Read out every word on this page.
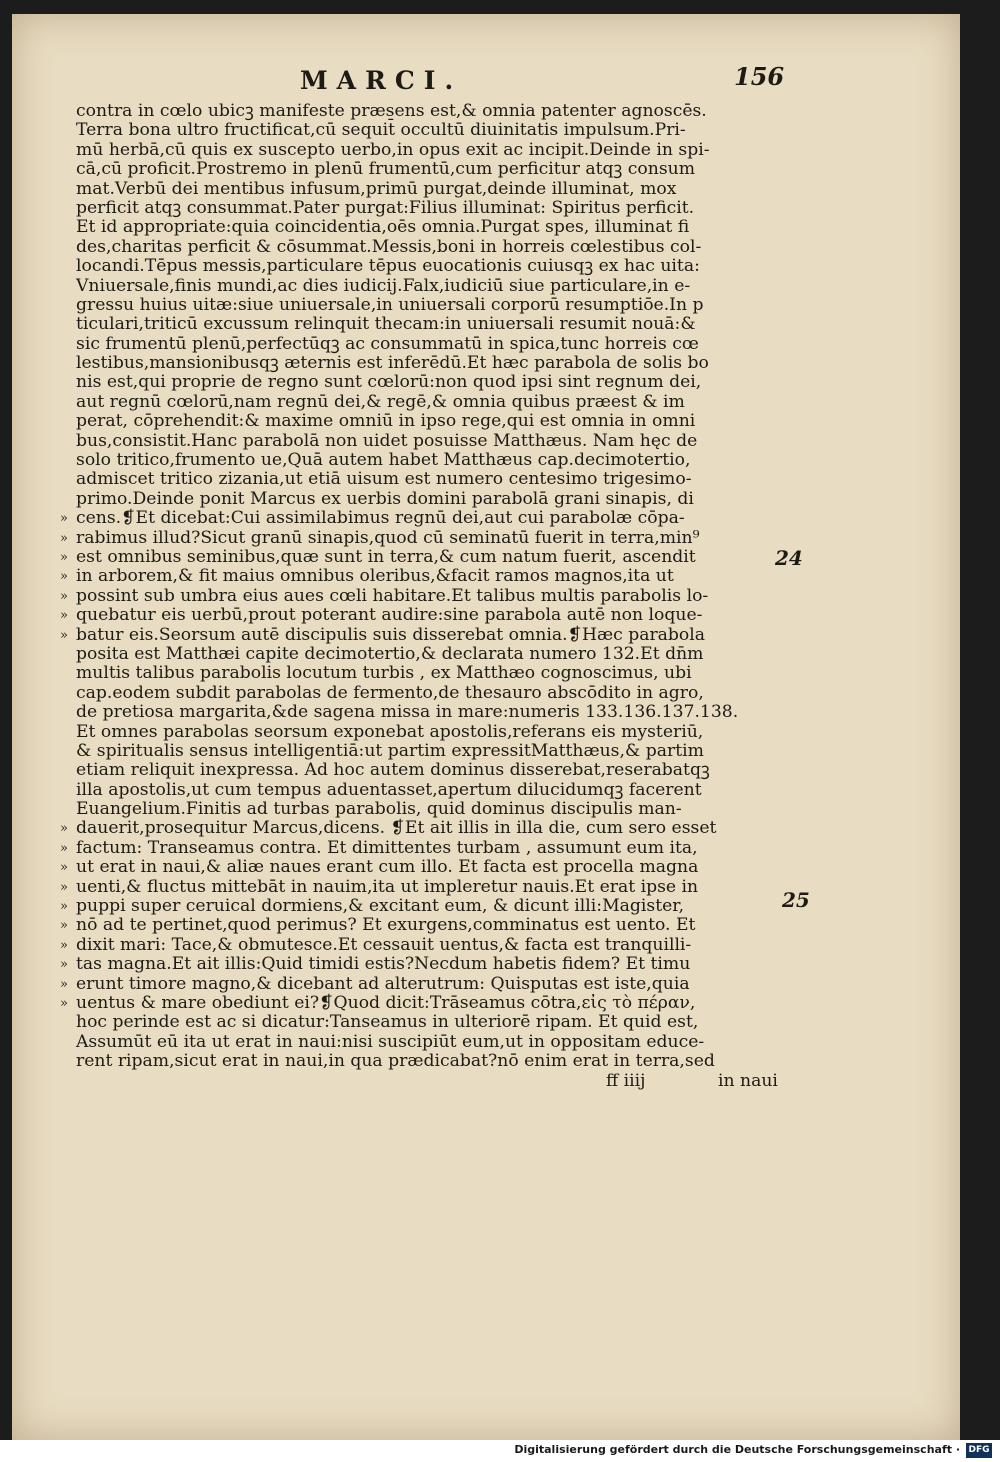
MARCI.	156
contra in cœlo ubicꝫ manifeste præsens est,& omnia patenter agnoscēs.
Terra bona ultro fructificat,cū sequit̄ occultū diuinitatis impulsum.Pri-
mū herbā,cū quis ex suscepto uerbo,in opus exit ac incipit.Deinde in spi-
cā,cū proficit.Prostremo in plenū frumentū,cum perficitur atqꝫ consum
mat.Verbū dei mentibus infusum,primū purgat,deinde illuminat, mox
perficit atqꝫ consummat.Pater purgat:Filius illuminat: Spiritus perficit.
Et id appropriate:quia coincidentia,oēs omnia.Purgat spes, illuminat fi
des,charitas perficit & cōsummat.Messis,boni in horreis cœlestibus col-
locandi.Tēpus messis,particulare tēpus euocationis cuiusqꝫ ex hac uita:
Vniuersale,finis mundi,ac dies iudicij.Falx,iudiciū siue particulare,in e-
gressu huius uitæ:siue uniuersale,in uniuersali corporū resumptiōe.In p
ticulari,triticū excussum relinquit thecam:in uniuersali resumit nouā:&
sic frumentū plenū,perfectūqꝫ ac consummatū in spica,tunc horreis cœ
lestibus,mansionibusqꝫ æternis est inferēdū.Et hæc parabola de solis bo
nis est,qui proprie de regno sunt cœlorū:non quod ipsi sint regnum dei,
aut regnū cœlorū,nam regnū dei,& regē,& omnia quibus præest & im
perat, cōprehendit:& maxime omniū in ipso rege,qui est omnia in omni
bus,consistit.Hanc parabolā non uidet posuisse Matthæus. Nam hęc de
solo tritico,frumento ue,Quā autem habet Matthæus cap.decimotertio,
admiscet tritico zizania,ut etiā uisum est numero centesimo trigesimo-
primo.Deinde ponit Marcus ex uerbis domini parabolā grani sinapis, di
» cens.❡Et dicebat:Cui assimilabimus regnū dei,aut cui parabolæ cōpa-
» rabimus illud?Sicut granū sinapis,quod cū seminatū fuerit in terra,min⁹
» est omnibus seminibus,quæ sunt in terra,& cum natum fuerit, ascendit
» in arborem,& fit maius omnibus oleribus,&facit ramos magnos,ita ut
» possint sub umbra eius aues cœli habitare.Et talibus multis parabolis lo-
» quebatur eis uerbū,prout poterant audire:sine parabola autē non loque-
» batur eis.Seorsum autē discipulis suis disserebat omnia.❡Hæc parabola
posita est Matthæi capite decimotertio,& declarata numero 132.Et dn̄m
multis talibus parabolis locutum turbis , ex Matthæo cognoscimus, ubi
cap.eodem subdit parabolas de fermento,de thesauro abscōdito in agro,
de pretiosa margarita,&de sagena missa in mare:numeris 133.136.137.138.
Et omnes parabolas seorsum exponebat apostolis,referans eis mysteriū,
& spiritualis sensus intelligentiā:ut partim expressitMatthæus,& partim
etiam reliquit inexpressa. Ad hoc autem dominus disserebat,reserabatqꝫ
illa apostolis,ut cum tempus aduentasset,apertum dilucidumqꝫ facerent
Euangelium.Finitis ad turbas parabolis, quid dominus discipulis man-
» dauerit,prosequitur Marcus,dicens. ❡Et ait illis in illa die, cum sero esset
» factum: Transeamus contra. Et dimittentes turbam , assumunt eum ita,
» ut erat in naui,& aliæ naues erant cum illo. Et facta est procella magna
» uenti,& fluctus mittebāt in nauim,ita ut impleretur nauis.Et erat ipse in
» puppi super ceruical dormiens,& excitant eum, & dicunt illi:Magister,
» nō ad te pertinet,quod perimus? Et exurgens,comminatus est uento. Et
» dixit mari: Tace,& obmutesce.Et cessauit uentus,& facta est tranquilli-
» tas magna.Et ait illis:Quid timidi estis?Necdum habetis fidem? Et timu
» erunt timore magno,& dicebant ad alterutrum: Quisputas est iste,quia
» uentus & mare obediunt ei?❡Quod dicit:Trāseamus cōtra,εἰς τὸ πέραν,
hoc perinde est ac si dicatur:Tanseamus in ulteriorē ripam. Et quid est,
Assumūt eū ita ut erat in naui:nisi suscipiūt eum,ut in oppositam educe-
rent ripam,sicut erat in naui,in qua prædicabat?nō enim erat in terra,sed
ff iiij	in naui
24
25
Digitalisierung gefördert durch die Deutsche Forschungsgemeinschaft · DFG
